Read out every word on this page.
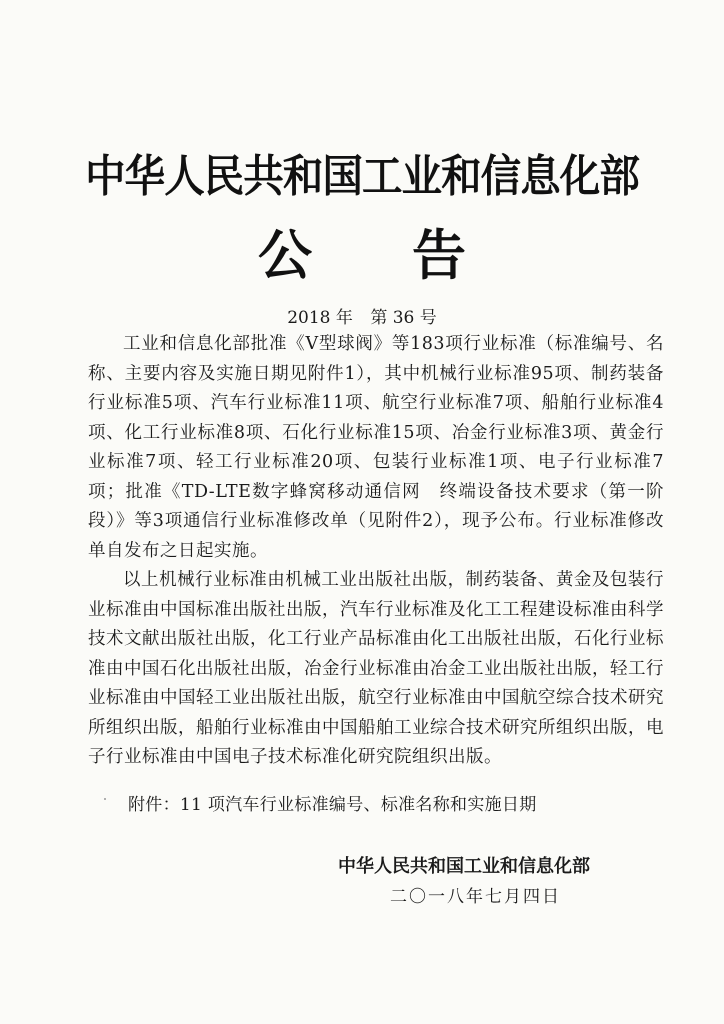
中华人民共和国工业和信息化部
公告
2018 年 第 36 号

工业和信息化部批准《V型球阀》等183项行业标准（标准编号、名称、主要内容及实施日期见附件1），其中机械行业标准95项、制药装备行业标准5项、汽车行业标准11项、航空行业标准7项、船舶行业标准4项、化工行业标准8项、石化行业标准15项、冶金行业标准3项、黄金行业标准7项、轻工行业标准20项、包装行业标准1项、电子行业标准7项；批准《TD-LTE数字蜂窝移动通信网　终端设备技术要求（第一阶段）》等3项通信行业标准修改单（见附件2），现予公布。行业标准修改单自发布之日起实施。

以上机械行业标准由机械工业出版社出版，制药装备、黄金及包装行业标准由中国标准出版社出版，汽车行业标准及化工工程建设标准由科学技术文献出版社出版，化工行业产品标准由化工出版社出版，石化行业标准由中国石化出版社出版，冶金行业标准由冶金工业出版社出版，轻工行业标准由中国轻工业出版社出版，航空行业标准由中国航空综合技术研究所组织出版，船舶行业标准由中国船舶工业综合技术研究所组织出版，电子行业标准由中国电子技术标准化研究院组织出版。

附件：11 项汽车行业标准编号、标准名称和实施日期
中华人民共和国工业和信息化部
二〇一八年七月四日
